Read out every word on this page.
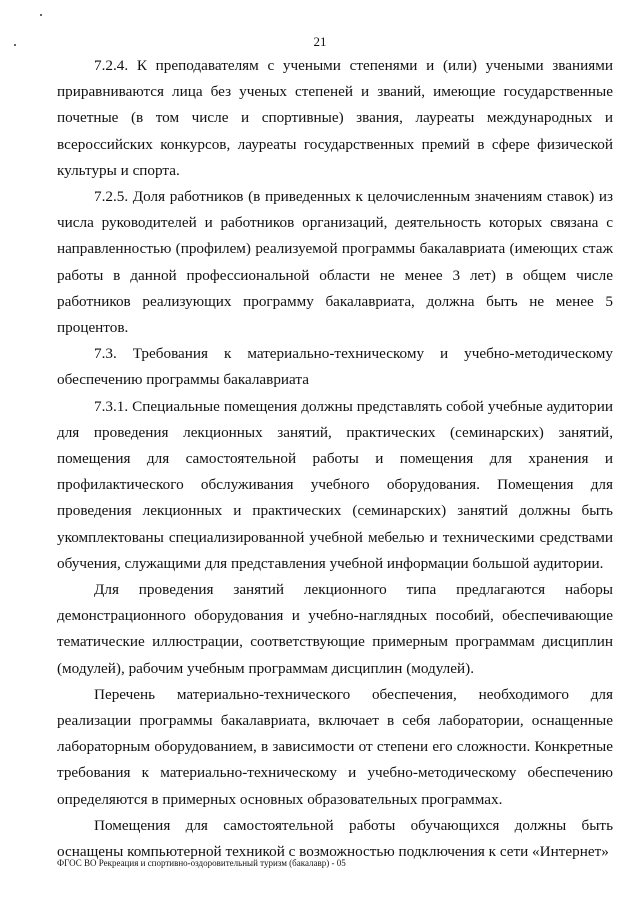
21

7.2.4. К преподавателям с учеными степенями и (или) учеными званиями приравниваются лица без ученых степеней и званий, имеющие государственные почетные (в том числе и спортивные) звания, лауреаты международных и всероссийских конкурсов, лауреаты государственных премий в сфере физической культуры и спорта.

7.2.5. Доля работников (в приведенных к целочисленным значениям ставок) из числа руководителей и работников организаций, деятельность которых связана с направленностью (профилем) реализуемой программы бакалавриата (имеющих стаж работы в данной профессиональной области не менее 3 лет) в общем числе работников реализующих программу бакалавриата, должна быть не менее 5 процентов.

7.3. Требования к материально-техническому и учебно-методическому обеспечению программы бакалавриата

7.3.1. Специальные помещения должны представлять собой учебные аудитории для проведения лекционных занятий, практических (семинарских) занятий, помещения для самостоятельной работы и помещения для хранения и профилактического обслуживания учебного оборудования. Помещения для проведения лекционных и практических (семинарских) занятий должны быть укомплектованы специализированной учебной мебелью и техническими средствами обучения, служащими для представления учебной информации большой аудитории.

Для проведения занятий лекционного типа предлагаются наборы демонстрационного оборудования и учебно-наглядных пособий, обеспечивающие тематические иллюстрации, соответствующие примерным программам дисциплин (модулей), рабочим учебным программам дисциплин (модулей).

Перечень материально-технического обеспечения, необходимого для реализации программы бакалавриата, включает в себя лаборатории, оснащенные лабораторным оборудованием, в зависимости от степени его сложности. Конкретные требования к материально-техническому и учебно-методическому обеспечению определяются в примерных основных образовательных программах.

Помещения для самостоятельной работы обучающихся должны быть оснащены компьютерной техникой с возможностью подключения к сети «Интернет»

ФГОС ВО Рекреация и спортивно-оздоровительный туризм (бакалавр) - 05
